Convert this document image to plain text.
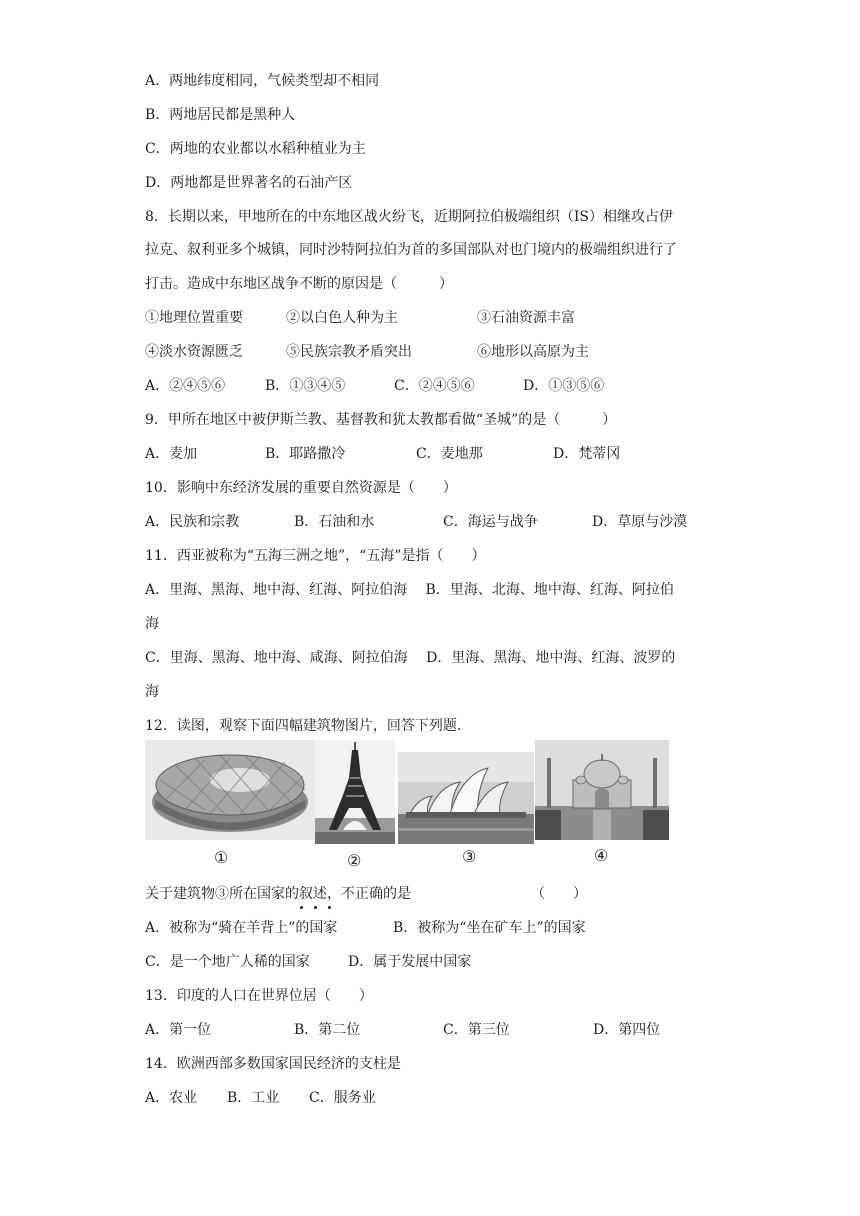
A．两地纬度相同，气候类型却不相同
B．两地居民都是黑种人
C．两地的农业都以水稻种植业为主
D．两地都是世界著名的石油产区
8．长期以来，甲地所在的中东地区战火纷飞，近期阿拉伯极端组织（IS）相继攻占伊
拉克、叙利亚多个城镇，同时沙特阿拉伯为首的多国部队对也门境内的极端组织进行了
打击。造成中东地区战争不断的原因是（　　　）
①地理位置重要	②以白色人种为主	③石油资源丰富
④淡水资源匮乏	⑤民族宗教矛盾突出	⑥地形以高原为主
A．②④⑤⑥	B．①③④⑤	C．②④⑤⑥	D．①③⑤⑥
9．甲所在地区中被伊斯兰教、基督教和犹太教都看做“圣城”的是（　　　）
A．麦加	B．耶路撒冷	C．麦地那	D．梵蒂冈
10．影响中东经济发展的重要自然资源是（　　）
A．民族和宗教	B．石油和水	C．海运与战争	D．草原与沙漠
11．西亚被称为“五海三洲之地”，“五海”是指（　　）
A．里海、黑海、地中海、红海、阿拉伯海　 B．里海、北海、地中海、红海、阿拉伯
海
C．里海、黑海、地中海、咸海、阿拉伯海　 D．里海、黑海、地中海、红海、波罗的
海
12．读图，观察下面四幅建筑物图片，回答下列题.
①	②	③	④
关于建筑物③所在国家的叙述，不正确的是	（　　）
A．被称为“骑在羊背上”的国家	B．被称为“坐在矿车上”的国家
C．是一个地广人稀的国家	D．属于发展中国家
13．印度的人口在世界位居（　　）
A．第一位	B．第二位	C．第三位	D．第四位
14．欧洲西部多数国家国民经济的支柱是
A．农业 B．工业 C．服务业
